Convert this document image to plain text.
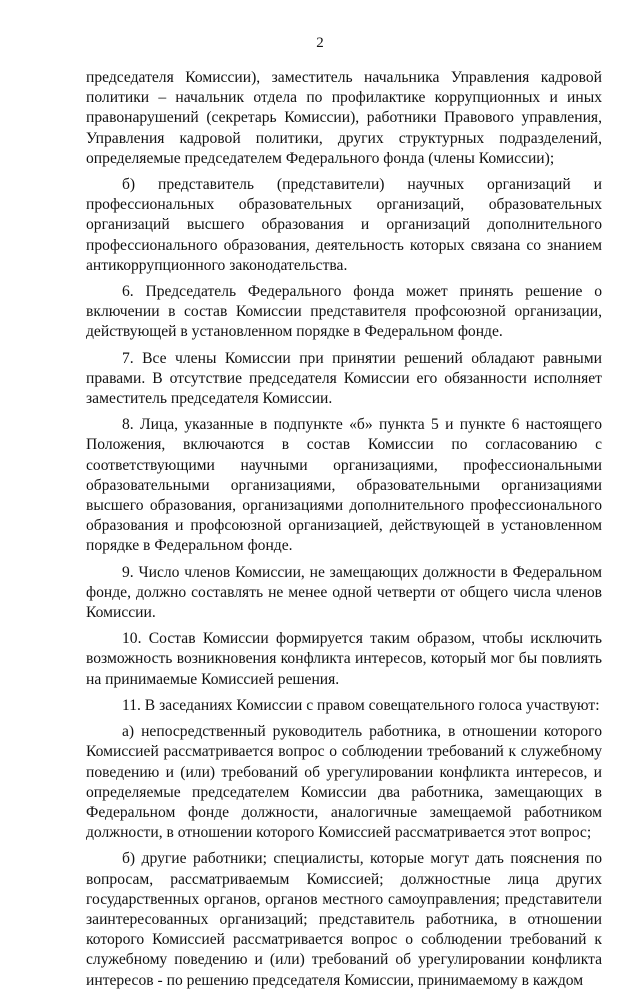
2

председателя Комиссии), заместитель начальника Управления кадровой политики – начальник отдела по профилактике коррупционных и иных правонарушений (секретарь Комиссии), работники Правового управления, Управления кадровой политики, других структурных подразделений, определяемые председателем Федерального фонда (члены Комиссии);

б) представитель (представители) научных организаций и профессиональных образовательных организаций, образовательных организаций высшего образования и организаций дополнительного профессионального образования, деятельность которых связана со знанием антикоррупционного законодательства.

6. Председатель Федерального фонда может принять решение о включении в состав Комиссии представителя профсоюзной организации, действующей в установленном порядке в Федеральном фонде.

7. Все члены Комиссии при принятии решений обладают равными правами. В отсутствие председателя Комиссии его обязанности исполняет заместитель председателя Комиссии.

8. Лица, указанные в подпункте «б» пункта 5 и пункте 6 настоящего Положения, включаются в состав Комиссии по согласованию с соответствующими научными организациями, профессиональными образовательными организациями, образовательными организациями высшего образования, организациями дополнительного профессионального образования и профсоюзной организацией, действующей в установленном порядке в Федеральном фонде.

9. Число членов Комиссии, не замещающих должности в Федеральном фонде, должно составлять не менее одной четверти от общего числа членов Комиссии.

10. Состав Комиссии формируется таким образом, чтобы исключить возможность возникновения конфликта интересов, который мог бы повлиять на принимаемые Комиссией решения.

11. В заседаниях Комиссии с правом совещательного голоса участвуют:

а) непосредственный руководитель работника, в отношении которого Комиссией рассматривается вопрос о соблюдении требований к служебному поведению и (или) требований об урегулировании конфликта интересов, и определяемые председателем Комиссии два работника, замещающих в Федеральном фонде должности, аналогичные замещаемой работником должности, в отношении которого Комиссией рассматривается этот вопрос;

б) другие работники; специалисты, которые могут дать пояснения по вопросам, рассматриваемым Комиссией; должностные лица других государственных органов, органов местного самоуправления; представители заинтересованных организаций; представитель работника, в отношении которого Комиссией рассматривается вопрос о соблюдении требований к служебному поведению и (или) требований об урегулировании конфликта интересов - по решению председателя Комиссии, принимаемому в каждом
